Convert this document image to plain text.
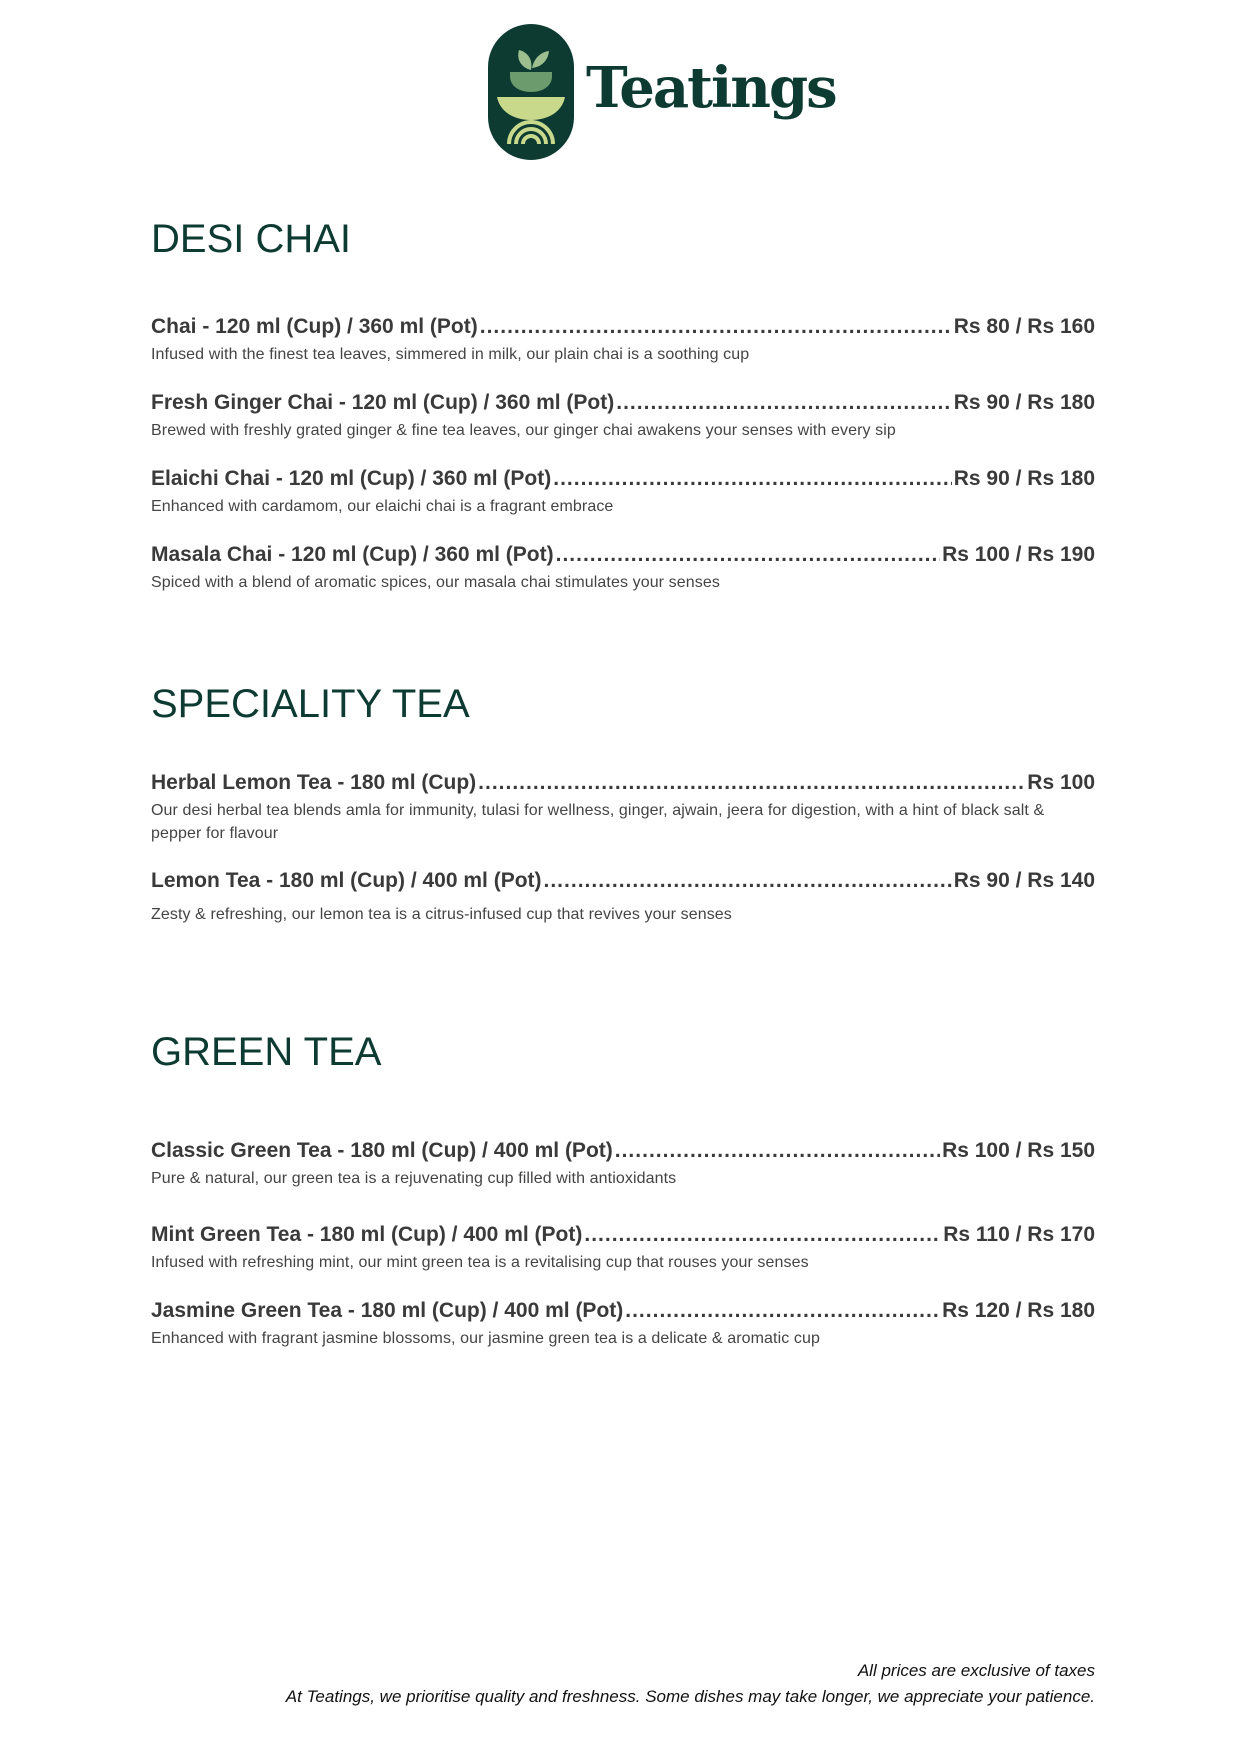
Teatings
DESI CHAI
Chai - 120 ml (Cup) / 360 ml (Pot) .....	Rs 80 / Rs 160
Infused with the finest tea leaves, simmered in milk, our plain chai is a soothing cup
Fresh Ginger Chai - 120 ml (Cup) / 360 ml (Pot) .....	Rs 90 / Rs 180
Brewed with freshly grated ginger & fine tea leaves, our ginger chai awakens your senses with every sip
Elaichi Chai - 120 ml (Cup) / 360 ml (Pot) .....	Rs 90 / Rs 180
Enhanced with cardamom, our elaichi chai is a fragrant embrace
Masala Chai - 120 ml (Cup) / 360 ml (Pot) .....	Rs 100 / Rs 190
Spiced with a blend of aromatic spices, our masala chai stimulates your senses
SPECIALITY TEA
Herbal Lemon Tea - 180 ml (Cup) .....	Rs 100
Our desi herbal tea blends amla for immunity, tulasi for wellness, ginger, ajwain, jeera for digestion, with a hint of black salt & pepper for flavour
Lemon Tea - 180 ml (Cup) / 400 ml (Pot) .....	Rs 90 / Rs 140
Zesty & refreshing, our lemon tea is a citrus-infused cup that revives your senses
GREEN TEA
Classic Green Tea - 180 ml (Cup) / 400 ml (Pot) .....	Rs 100 / Rs 150
Pure & natural, our green tea is a rejuvenating cup filled with antioxidants
Mint Green Tea - 180 ml (Cup) / 400 ml (Pot) .....	Rs 110 / Rs 170
Infused with refreshing mint, our mint green tea is a revitalising cup that rouses your senses
Jasmine Green Tea - 180 ml (Cup) / 400 ml (Pot) .....	Rs 120 / Rs 180
Enhanced with fragrant jasmine blossoms, our jasmine green tea is a delicate & aromatic cup
All prices are exclusive of taxes
At Teatings, we prioritise quality and freshness. Some dishes may take longer, we appreciate your patience.
